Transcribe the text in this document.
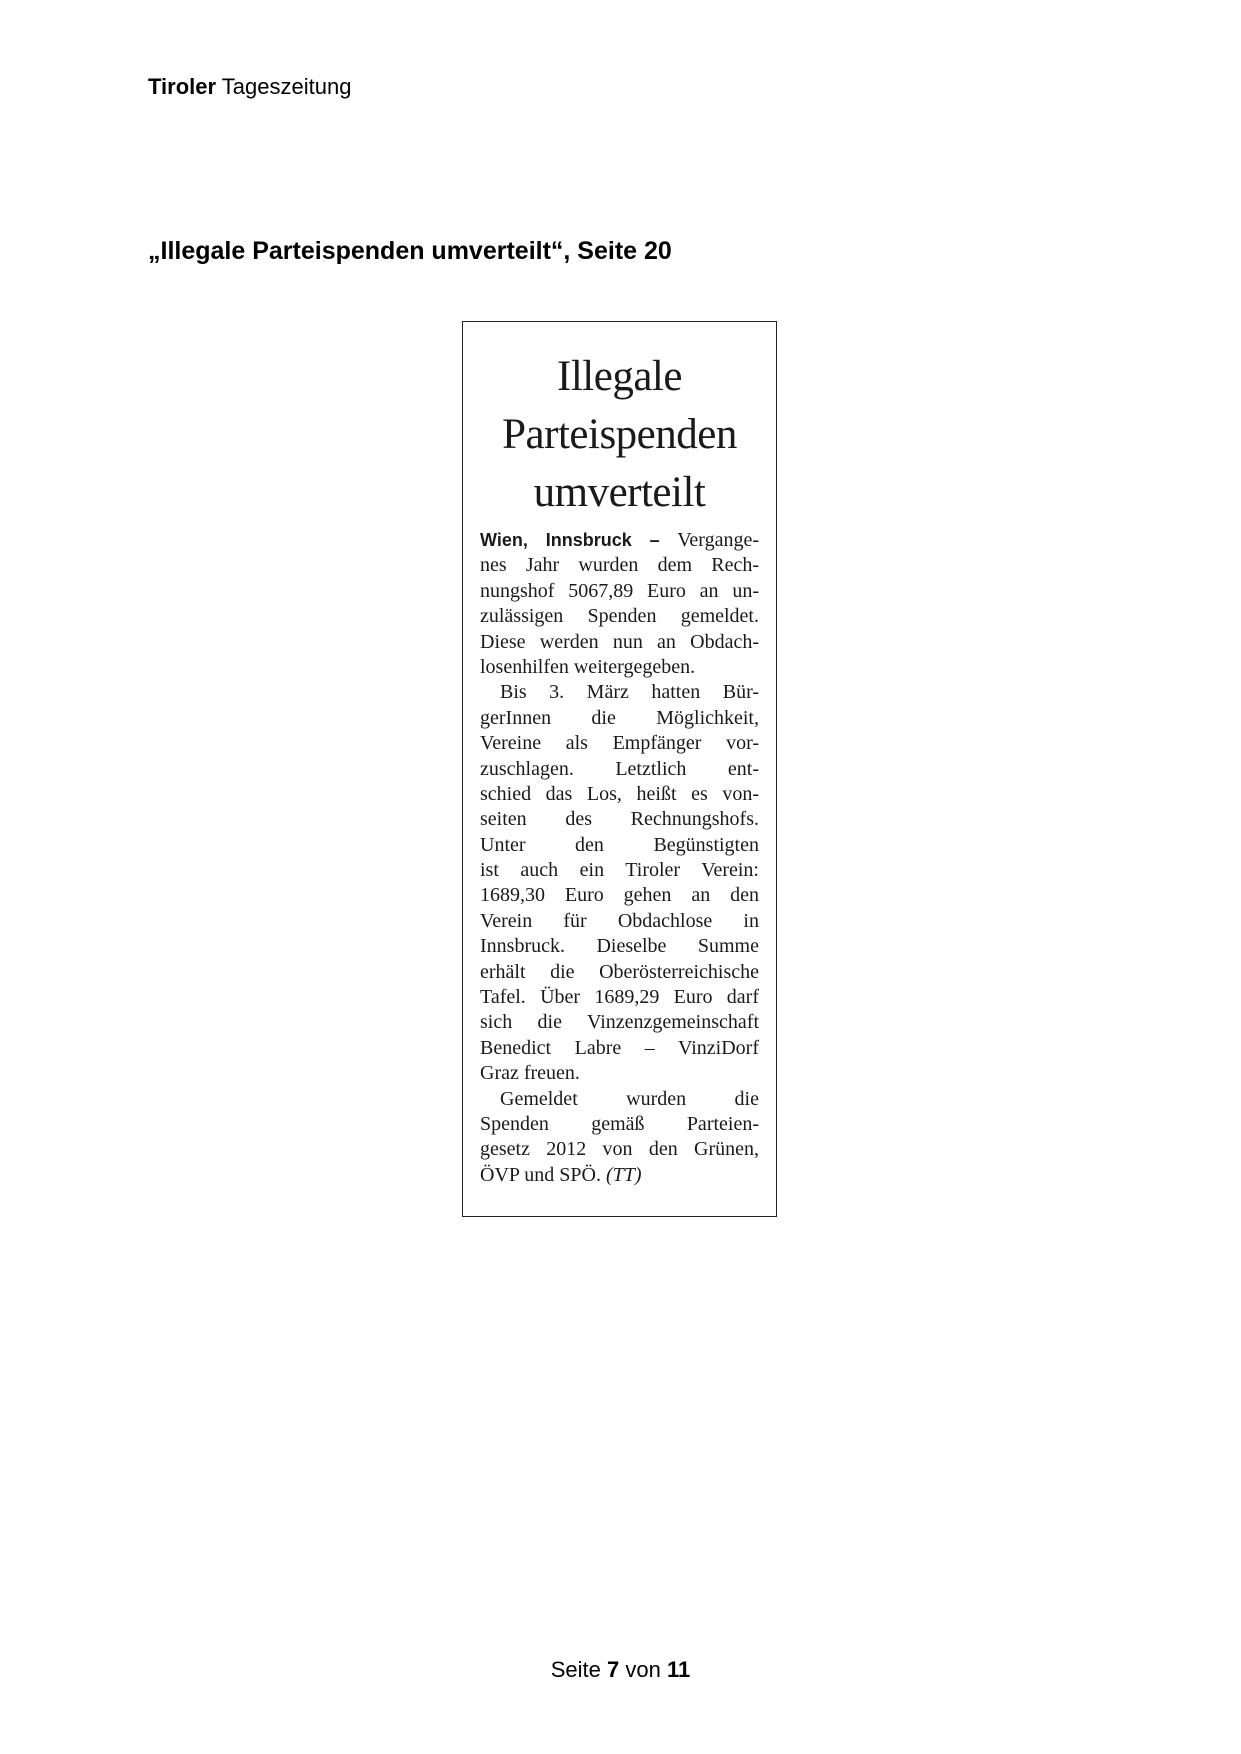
Tiroler Tageszeitung
„Illegale Parteispenden umverteilt“, Seite 20
Illegale
Parteispenden
umverteilt
Wien, Innsbruck – Vergange-
nes Jahr wurden dem Rech-
nungshof 5067,89 Euro an un-
zulässigen Spenden gemeldet.
Diese werden nun an Obdach-
losenhilfen weitergegeben.
Bis 3. März hatten Bür-
gerInnen die Möglichkeit,
Vereine als Empfänger vor-
zuschlagen. Letztlich ent-
schied das Los, heißt es von-
seiten des Rechnungshofs.
Unter den Begünstigten
ist auch ein Tiroler Verein:
1689,30 Euro gehen an den
Verein für Obdachlose in
Innsbruck. Dieselbe Summe
erhält die Oberösterreichische
Tafel. Über 1689,29 Euro darf
sich die Vinzenzgemeinschaft
Benedict Labre – VinziDorf
Graz freuen.
Gemeldet wurden die
Spenden gemäß Parteien-
gesetz 2012 von den Grünen,
ÖVP und SPÖ. (TT)
Seite 7 von 11
